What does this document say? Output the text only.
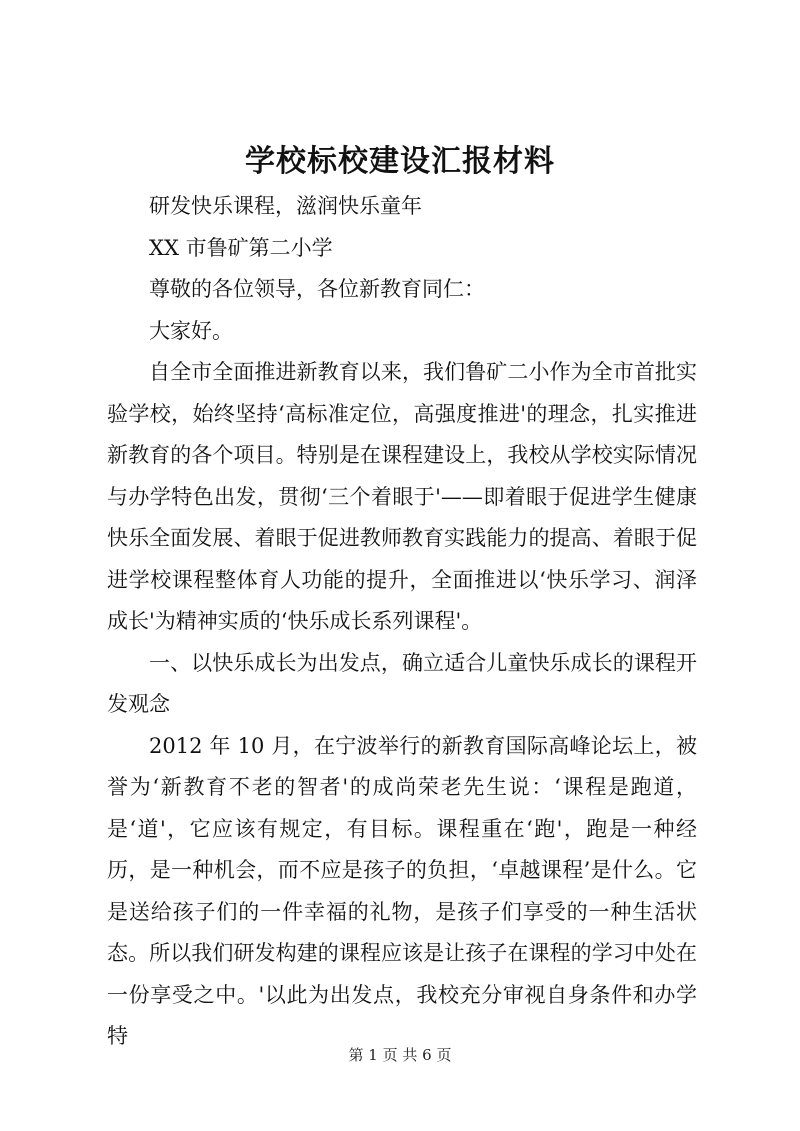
学校标校建设汇报材料

研发快乐课程，滋润快乐童年

XX 市鲁矿第二小学

尊敬的各位领导，各位新教育同仁：

大家好。

自全市全面推进新教育以来，我们鲁矿二小作为全市首批实验学校，始终坚持‘高标准定位，高强度推进'的理念，扎实推进新教育的各个项目。特别是在课程建设上，我校从学校实际情况与办学特色出发，贯彻‘三个着眼于'——即着眼于促进学生健康快乐全面发展、着眼于促进教师教育实践能力的提高、着眼于促进学校课程整体育人功能的提升，全面推进以‘快乐学习、润泽成长'为精神实质的‘快乐成长系列课程'。

一、以快乐成长为出发点，确立适合儿童快乐成长的课程开发观念

2012 年 10 月，在宁波举行的新教育国际高峰论坛上，被誉为‘新教育不老的智者'的成尚荣老先生说：‘课程是跑道，是‘道'，它应该有规定，有目标。课程重在‘跑'，跑是一种经历，是一种机会，而不应是孩子的负担，‘卓越课程’是什么。它是送给孩子们的一件幸福的礼物，是孩子们享受的一种生活状态。所以我们研发构建的课程应该是让孩子在课程的学习中处在一份享受之中。'以此为出发点，我校充分审视自身条件和办学特

第 1 页 共 6 页
